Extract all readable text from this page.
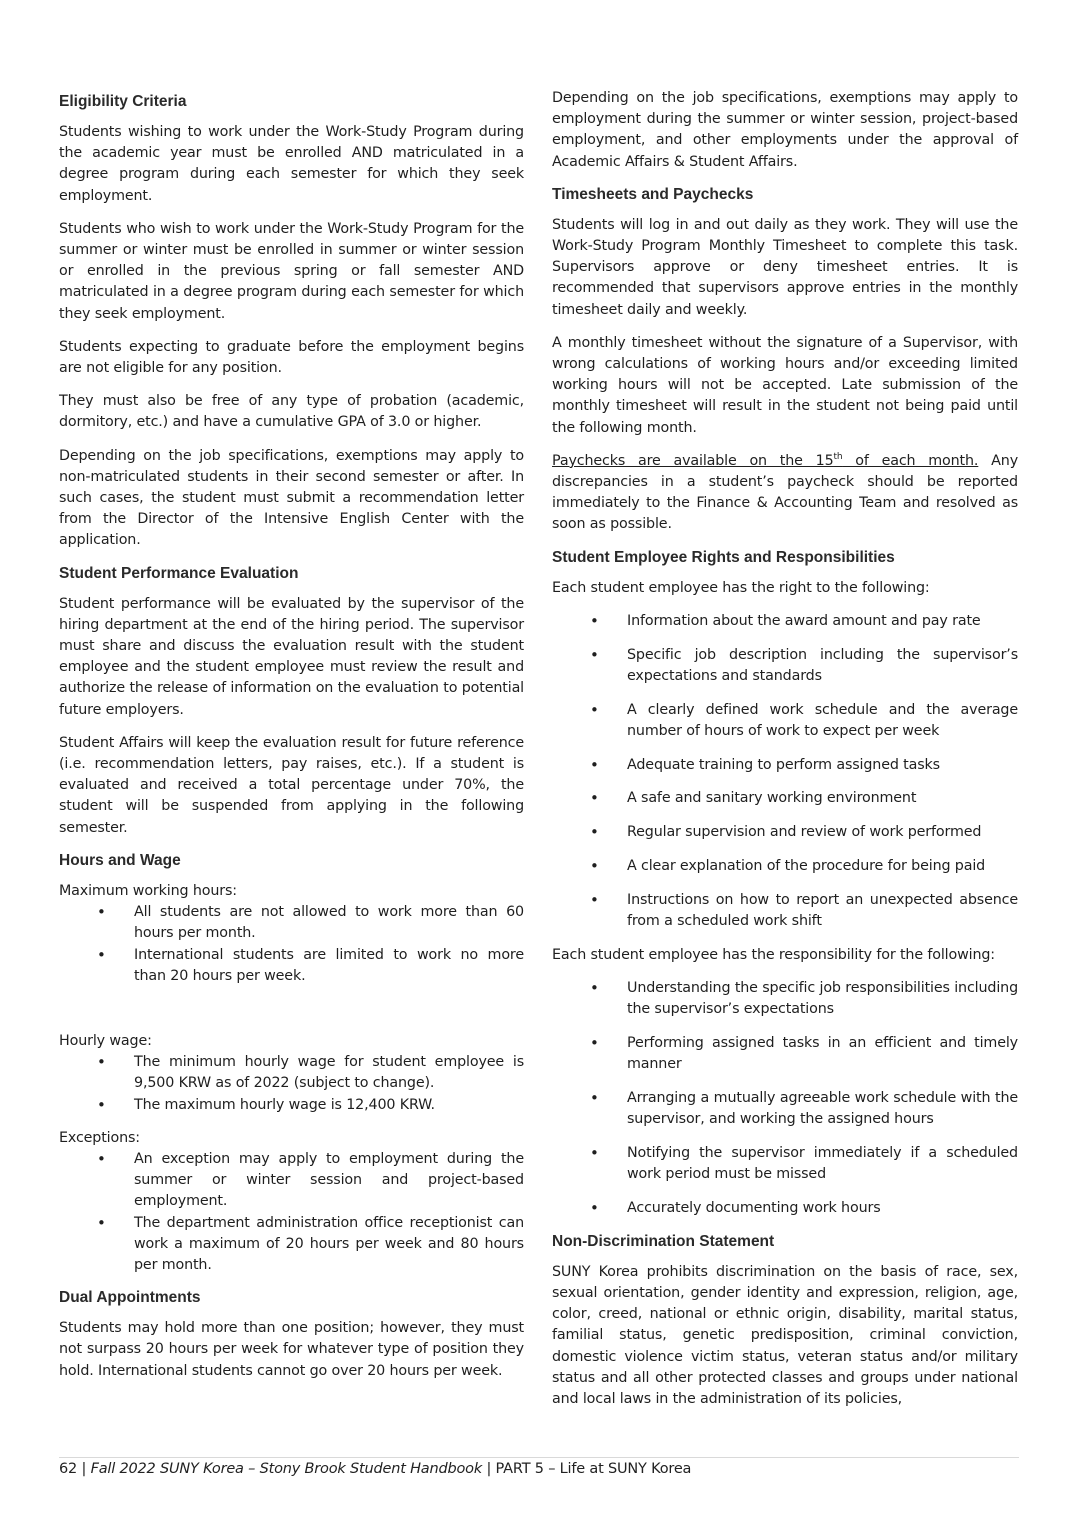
Eligibility Criteria

Students wishing to work under the Work-Study Program during the academic year must be enrolled AND matriculated in a degree program during each semester for which they seek employment.

Students who wish to work under the Work-Study Program for the summer or winter must be enrolled in summer or winter session or enrolled in the previous spring or fall semester AND matriculated in a degree program during each semester for which they seek employment.

Students expecting to graduate before the employment begins are not eligible for any position.

They must also be free of any type of probation (academic, dormitory, etc.) and have a cumulative GPA of 3.0 or higher.

Depending on the job specifications, exemptions may apply to non-matriculated students in their second semester or after. In such cases, the student must submit a recommendation letter from the Director of the Intensive English Center with the application.

Student Performance Evaluation

Student performance will be evaluated by the supervisor of the hiring department at the end of the hiring period. The supervisor must share and discuss the evaluation result with the student employee and the student employee must review the result and authorize the release of information on the evaluation to potential future employers.

Student Affairs will keep the evaluation result for future reference (i.e. recommendation letters, pay raises, etc.). If a student is evaluated and received a total percentage under 70%, the student will be suspended from applying in the following semester.

Hours and Wage

Maximum working hours:

• All students are not allowed to work more than 60 hours per month.
• International students are limited to work no more than 20 hours per week.

Hourly wage:

• The minimum hourly wage for student employee is 9,500 KRW as of 2022 (subject to change).
• The maximum hourly wage is 12,400 KRW.

Exceptions:

• An exception may apply to employment during the summer or winter session and project-based employment.
• The department administration office receptionist can work a maximum of 20 hours per week and 80 hours per month.
Dual Appointments

Students may hold more than one position; however, they must not surpass 20 hours per week for whatever type of position they hold. International students cannot go over 20 hours per week.

Depending on the job specifications, exemptions may apply to employment during the summer or winter session, project-based employment, and other employments under the approval of Academic Affairs & Student Affairs.

Timesheets and Paychecks

Students will log in and out daily as they work. They will use the Work-Study Program Monthly Timesheet to complete this task. Supervisors approve or deny timesheet entries. It is recommended that supervisors approve entries in the monthly timesheet daily and weekly.

A monthly timesheet without the signature of a Supervisor, with wrong calculations of working hours and/or exceeding limited working hours will not be accepted. Late submission of the monthly timesheet will result in the student not being paid until the following month.

Paychecks are available on the 15th of each month. Any discrepancies in a student’s paycheck should be reported immediately to the Finance & Accounting Team and resolved as soon as possible.

Student Employee Rights and Responsibilities

Each student employee has the right to the following:

• Information about the award amount and pay rate
• Specific job description including the supervisor’s expectations and standards
• A clearly defined work schedule and the average number of hours of work to expect per week
• Adequate training to perform assigned tasks
• A safe and sanitary working environment
• Regular supervision and review of work performed
• A clear explanation of the procedure for being paid
• Instructions on how to report an unexpected absence from a scheduled work shift

Each student employee has the responsibility for the following:

• Understanding the specific job responsibilities including the supervisor’s expectations
• Performing assigned tasks in an efficient and timely manner
• Arranging a mutually agreeable work schedule with the supervisor, and working the assigned hours
• Notifying the supervisor immediately if a scheduled work period must be missed
• Accurately documenting work hours
Non-Discrimination Statement

SUNY Korea prohibits discrimination on the basis of race, sex, sexual orientation, gender identity and expression, religion, age, color, creed, national or ethnic origin, disability, marital status, familial status, genetic predisposition, criminal conviction, domestic violence victim status, veteran status and/or military status and all other protected classes and groups under national and local laws in the administration of its policies,

62 | Fall 2022 SUNY Korea – Stony Brook Student Handbook | PART 5 – Life at SUNY Korea
